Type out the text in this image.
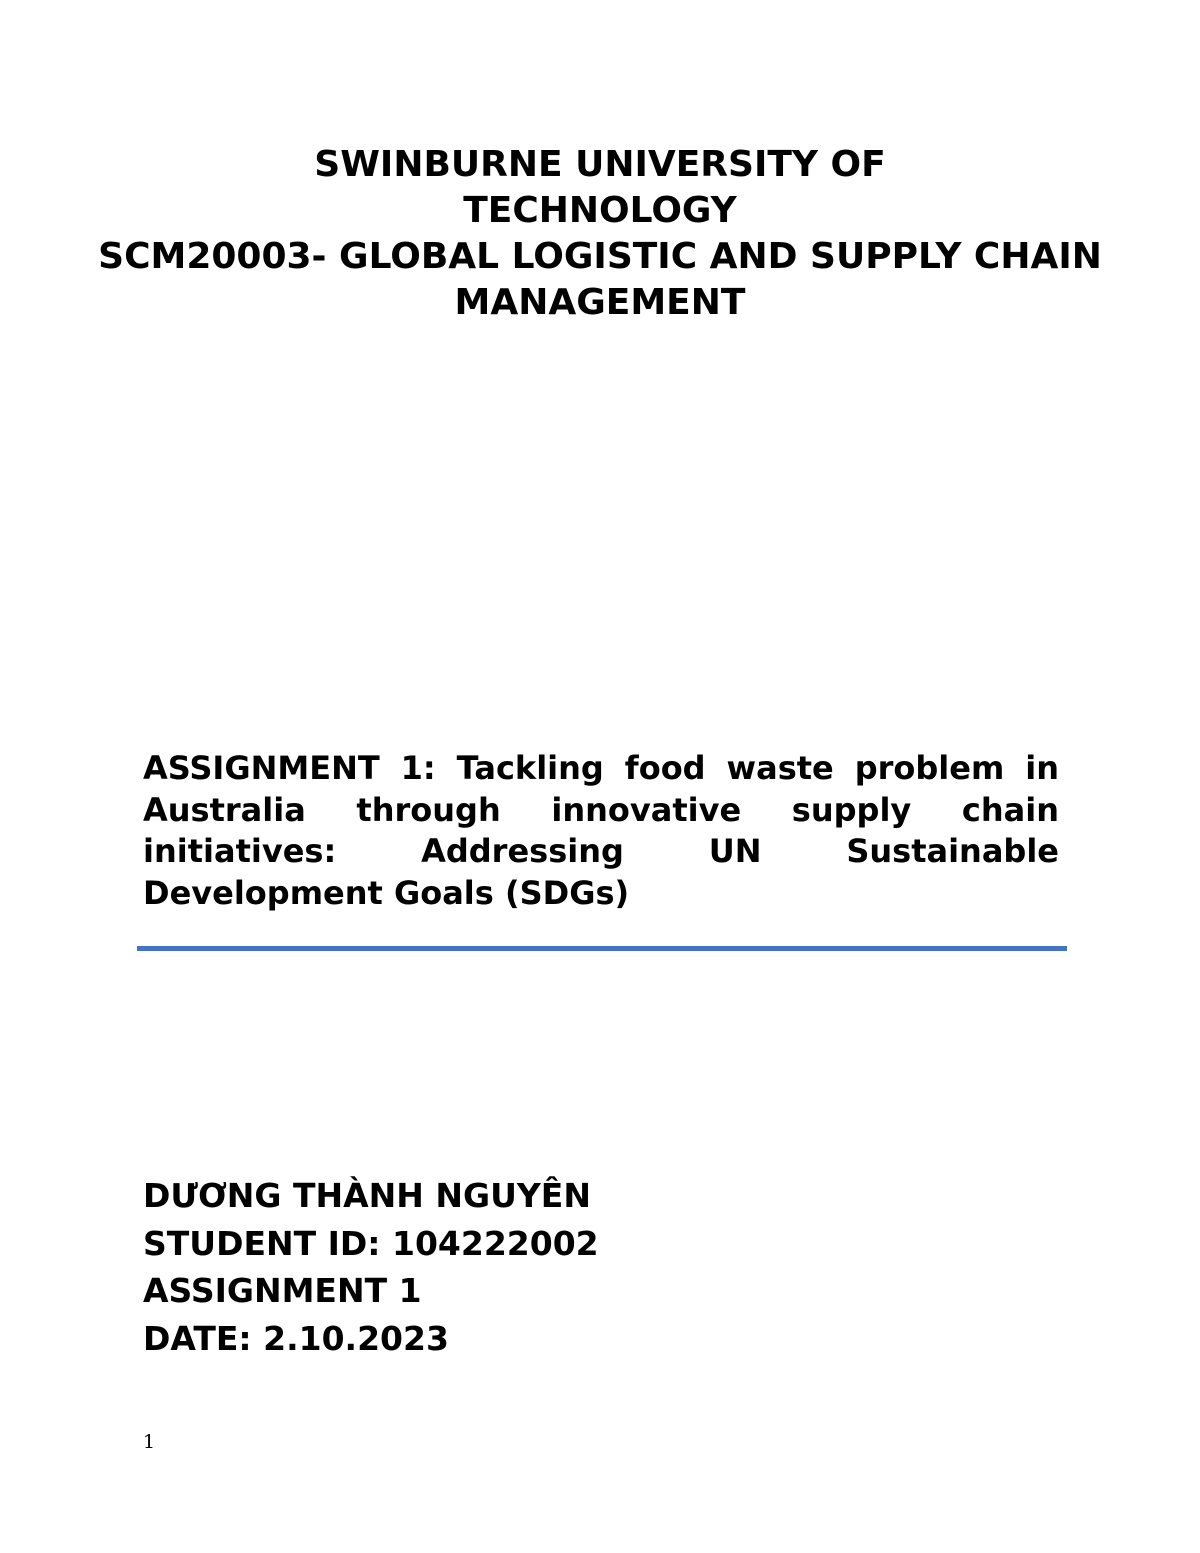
SWINBURNE UNIVERSITY OF
TECHNOLOGY
SCM20003- GLOBAL LOGISTIC AND SUPPLY CHAIN
MANAGEMENT
ASSIGNMENT 1: Tackling food waste problem in Australia through innovative supply chain initiatives: Addressing UN Sustainable Development Goals (SDGs)
DƯƠNG THÀNH NGUYÊN
STUDENT ID: 104222002
ASSIGNMENT 1
DATE: 2.10.2023
1
